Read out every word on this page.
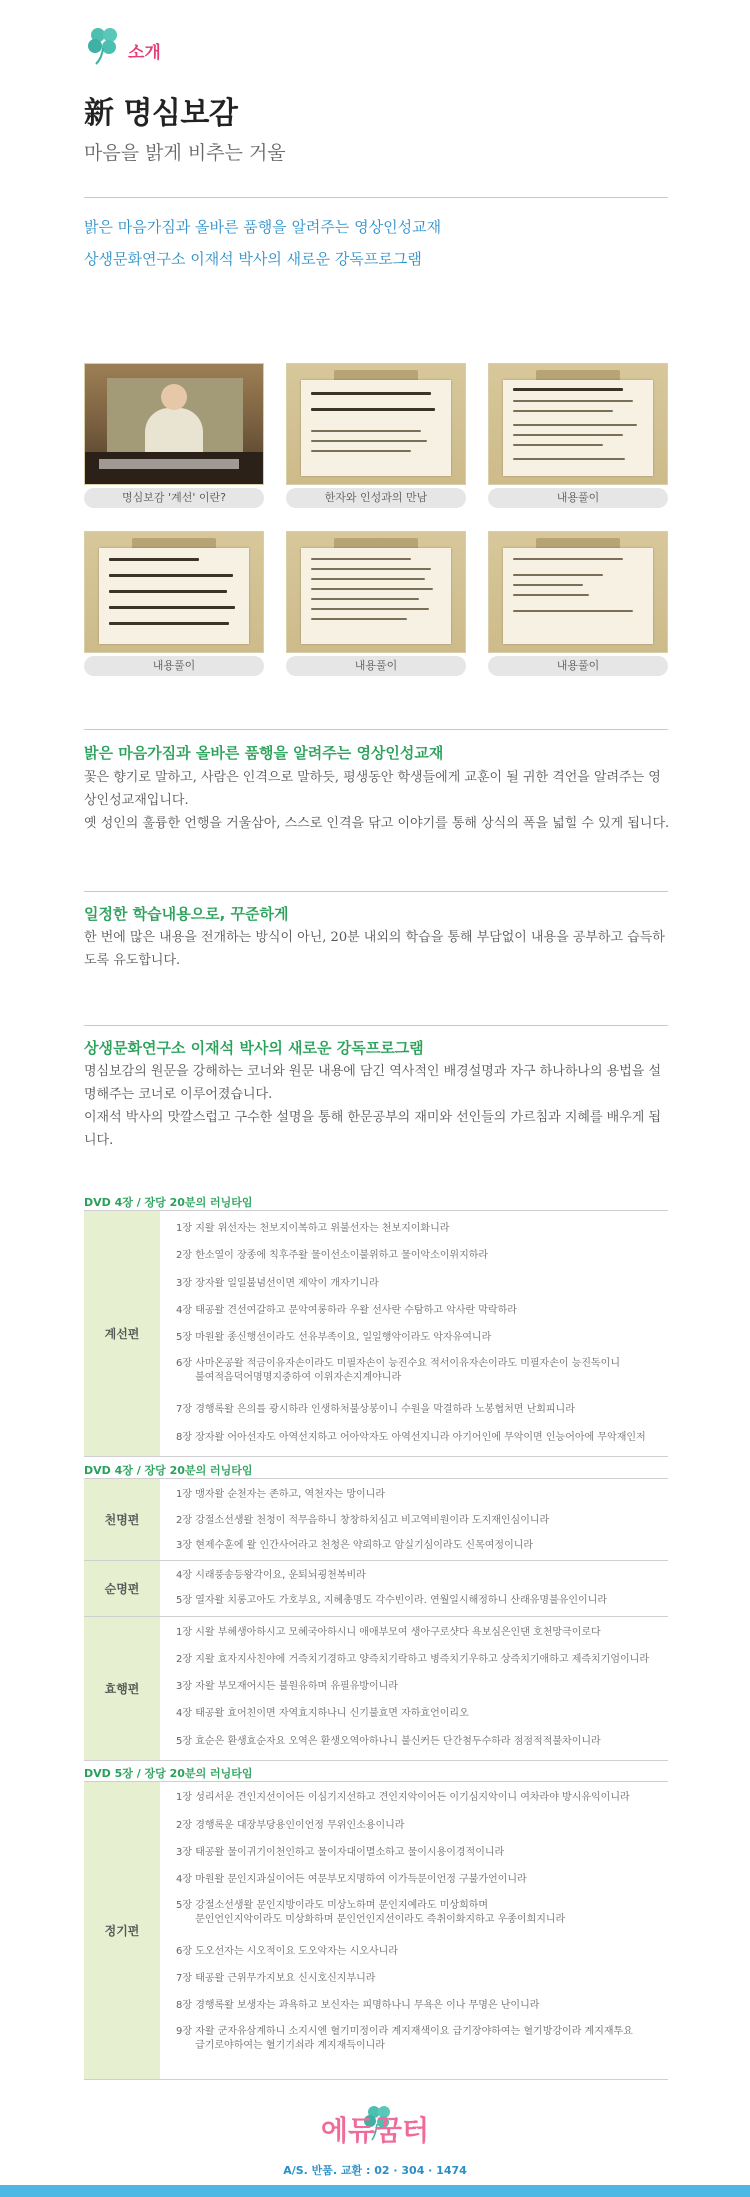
소개
新 명심보감
마음을 밝게 비추는 거울
밝은 마음가짐과 올바른 품행을 알려주는 영상인성교재
상생문화연구소 이재석 박사의 새로운 강독프로그램
명심보감 '계선' 이란?	한자와 인성과의 만남	내용풀이
내용풀이	내용풀이	내용풀이
밝은 마음가짐과 올바른 품행을 알려주는 영상인성교재

꽃은 향기로 말하고, 사람은 인격으로 말하듯, 평생동안 학생들에게 교훈이 될 귀한 격언을 알려주는 영상인성교재입니다.

옛 성인의 훌륭한 언행을 거울삼아, 스스로 인격을 닦고 이야기를 통해 상식의 폭을 넓힐 수 있게 됩니다.

일정한 학습내용으로, 꾸준하게

한 번에 많은 내용을 전개하는 방식이 아닌, 20분 내외의 학습을 통해 부담없이 내용을 공부하고 습득하도록 유도합니다.

상생문화연구소 이재석 박사의 새로운 강독프로그램

명심보감의 원문을 강해하는 코너와 원문 내용에 담긴 역사적인 배경설명과 자구 하나하나의 용법을 설명해주는 코너로 이루어졌습니다.

이재석 박사의 맛깔스럽고 구수한 설명을 통해 한문공부의 재미와 선인들의 가르침과 지혜를 배우게 됩니다.

DVD 4장 / 장당 20분의 러닝타임
계선편
1장 지왈 위선자는 천보지이복하고 위불선자는 천보지이화니라
2장 한소열이 장종에 칙후주왈 물이선소이불위하고 물이악소이위지하라
3장 장자왈 일일불념선이면 제악이 개자기니라
4장 태공왈 견선여갈하고 문악여롱하라 우왈 선사란 수탐하고 악사란 막락하라
5장 마원왈 종신행선이라도 선유부족이요, 일일행악이라도 악자유여니라
6장 사마온공왈 적금이유자손이라도 미필자손이 능진수요 적서이유자손이라도 미필자손이 능진독이니
불여적음덕어명명지중하여 이위자손지계야니라
7장 경행록왈 은의를 광시하라 인생하처불상봉이니 수원을 막결하라 노봉협처면 난회피니라
8장 장자왈 어아선자도 아역선지하고 어아악자도 아역선지니라 아기어인에 무악이면 인능어아에 무악재인저
DVD 4장 / 장당 20분의 러닝타임
천명편
1장 맹자왈 순천자는 존하고, 역천자는 망이니라
2장 강절소선생왈 천청이 적무음하니 창창하치심고 비고역비원이라 도지재인심이니라
3장 현제수훈에 왈 인간사어라고 천청은 약뢰하고 암실기심이라도 신목여정이니라
순명편
4장 시래풍송등왕각이요, 운퇴뇌굉천복비라
5장 열자왈 치롱고아도 가호부요, 지혜총명도 각수빈이라. 연월일시해정하니 산래유명불유인이니라
효행편
1장 시왈 부혜생아하시고 모혜국아하시니 애애부모여 생아구로샷다 욕보심은인댄 호천망극이로다
2장 지왈 효자지사친야에 거즉치기경하고 양즉치기락하고 병즉치기우하고 상즉치기애하고 제즉치기엄이니라
3장 자왈 부모재어시든 불원유하며 유필유방이니라
4장 태공왈 효어친이면 자역효지하나니 신기불효면 자하효언이리오
5장 효순은 환생효순자요 오역은 환생오역아하나니 불신커든 단간첨두수하라 점점적적불차이니라
DVD 5장 / 장당 20분의 러닝타임
정기편
1장 성리서운 견인지선이어든 이심기지선하고 견인지악이어든 이기심지악이니 여차라야 방시유익이니라
2장 경행록운 대장부당용인이언정 무위인소용이니라
3장 태공왈 물이귀기이천인하고 물이자대이멸소하고 물이시용이경적이니라
4장 마원왈 문인지과실이어든 여문부모지명하여 이가득문이언정 구불가언이니라
5장 강절소선생왈 문인지방이라도 미상노하며 문인지예라도 미상희하며
문인언인지악이라도 미상화하며 문인언인지선이라도 즉취이화지하고 우종이희지니라
6장 도오선자는 시오적이요 도오악자는 시오사니라
7장 태공왈 근위무가지보요 신시호신지부니라
8장 경행록왈 보생자는 과욕하고 보신자는 피명하나니 무욕은 이나 무명은 난이니라
9장 자왈 군자유삼계하니 소지시엔 혈기미정이라 계지재색이요 급기장야하여는 혈기방강이라 계지재투요
급기로야하여는 혈기기쇠라 계지재득이니라
에듀꿈터
A/S. 반품. 교환 : 02 · 304 · 1474
